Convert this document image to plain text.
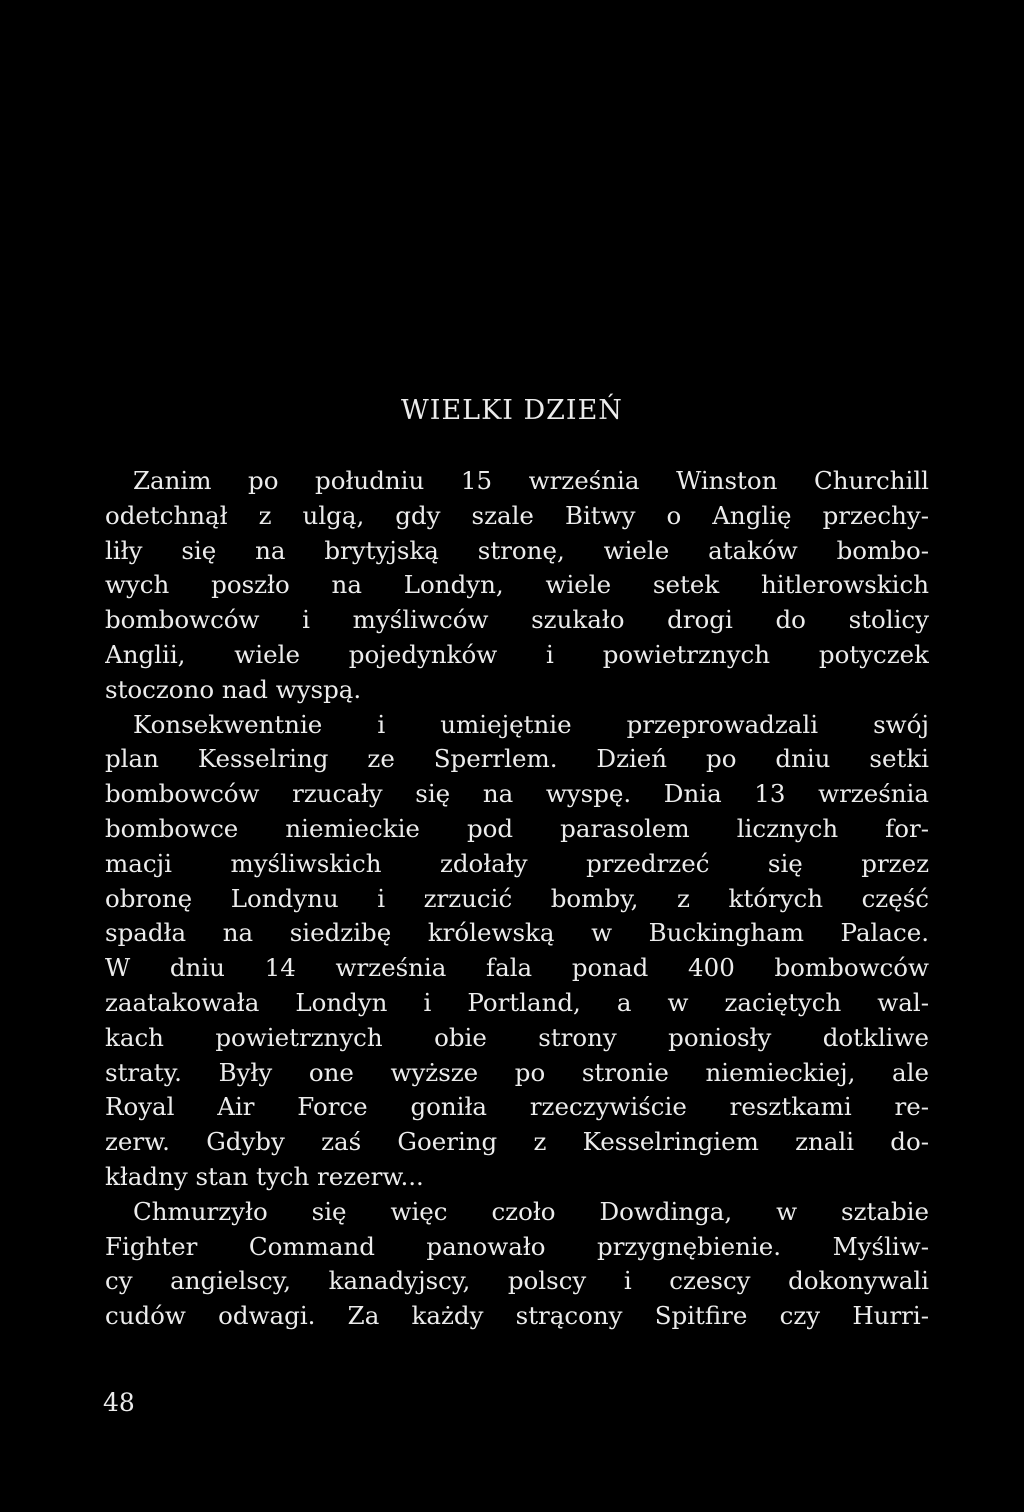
WIELKI DZIEŃ
Zanim po południu 15 września Winston Churchill
odetchnął z ulgą, gdy szale Bitwy o Anglię przechy-
liły się na brytyjską stronę, wiele ataków bombo-
wych poszło na Londyn, wiele setek hitlerowskich
bombowców i myśliwców szukało drogi do stolicy
Anglii, wiele pojedynków i powietrznych potyczek
stoczono nad wyspą.
Konsekwentnie i umiejętnie przeprowadzali swój
plan Kesselring ze Sperrlem. Dzień po dniu setki
bombowców rzucały się na wyspę. Dnia 13 września
bombowce niemieckie pod parasolem licznych for-
macji myśliwskich zdołały przedrzeć się przez
obronę Londynu i zrzucić bomby, z których część
spadła na siedzibę królewską w Buckingham Palace.
W dniu 14 września fala ponad 400 bombowców
zaatakowała Londyn i Portland, a w zaciętych wal-
kach powietrznych obie strony poniosły dotkliwe
straty. Były one wyższe po stronie niemieckiej, ale
Royal Air Force goniła rzeczywiście resztkami re-
zerw. Gdyby zaś Goering z Kesselringiem znali do-
kładny stan tych rezerw...
Chmurzyło się więc czoło Dowdinga, w sztabie
Fighter Command panowało przygnębienie. Myśliw-
cy angielscy, kanadyjscy, polscy i czescy dokonywali
cudów odwagi. Za każdy strącony Spitfire czy Hurri-
48
